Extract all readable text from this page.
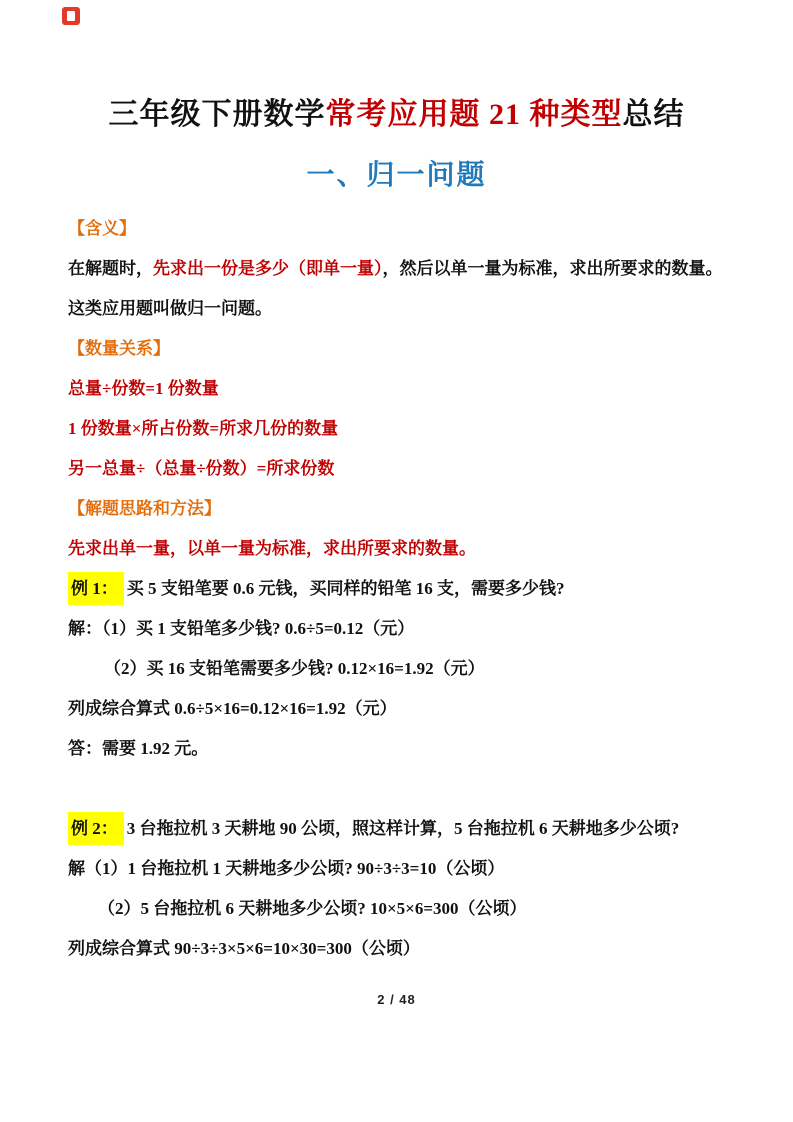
三年级下册数学常考应用题 21 种类型总结
一、归一问题

【含义】

在解题时，先求出一份是多少（即单一量），然后以单一量为标准，求出所要求的数量。

这类应用题叫做归一问题。

【数量关系】

总量÷份数=1 份数量

1 份数量×所占份数=所求几份的数量

另一总量÷（总量÷份数）=所求份数

【解题思路和方法】

先求出单一量，以单一量为标准，求出所要求的数量。

例 1： 买 5 支铅笔要 0.6 元钱，买同样的铅笔 16 支，需要多少钱?

解：（1）买 1 支铅笔多少钱? 0.6÷5=0.12（元）

（2）买 16 支铅笔需要多少钱? 0.12×16=1.92（元）

列成综合算式 0.6÷5×16=0.12×16=1.92（元）

答：需要 1.92 元。

例 2： 3 台拖拉机 3 天耕地 90 公顷，照这样计算，5 台拖拉机 6 天耕地多少公顷?

解（1）1 台拖拉机 1 天耕地多少公顷? 90÷3÷3=10（公顷）

（2）5 台拖拉机 6 天耕地多少公顷? 10×5×6=300（公顷）

列成综合算式 90÷3÷3×5×6=10×30=300（公顷）

2 / 48
